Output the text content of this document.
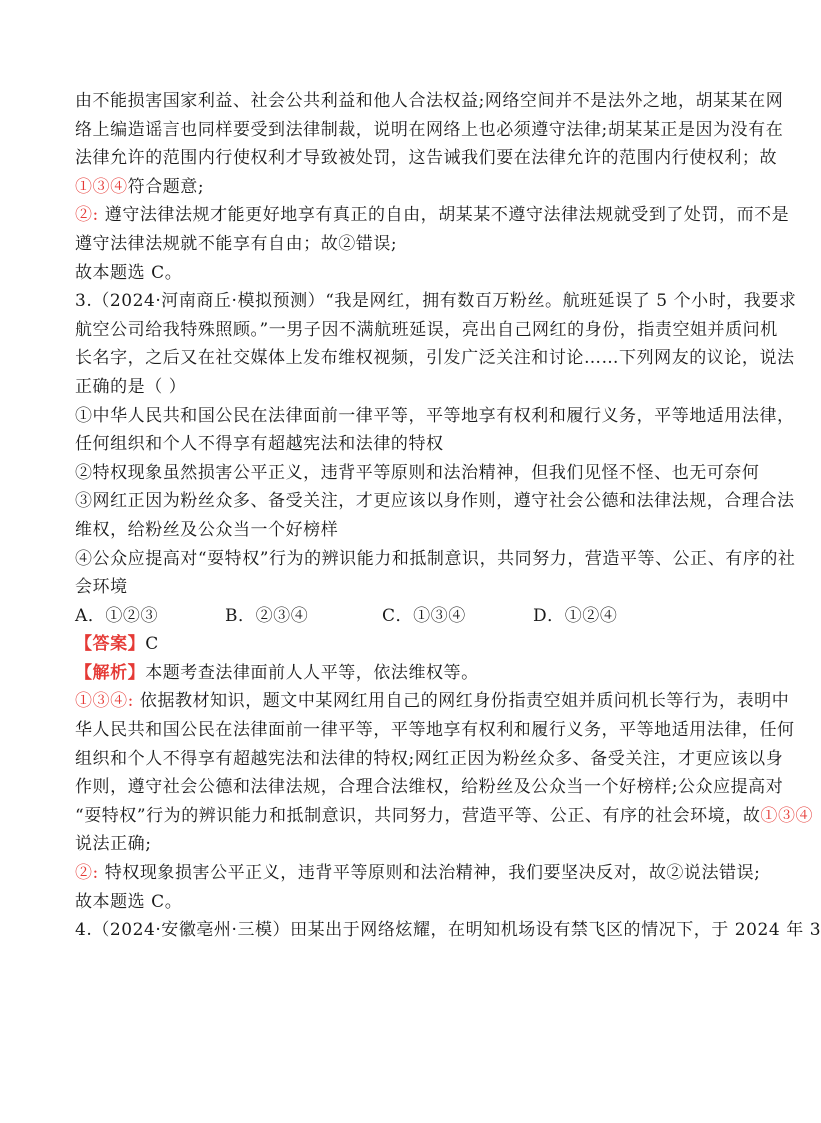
由不能损害国家利益、社会公共利益和他人合法权益;网络空间并不是法外之地，胡某某在网
络上编造谣言也同样要受到法律制裁，说明在网络上也必须遵守法律;胡某某正是因为没有在
法律允许的范围内行使权利才导致被处罚，这告诫我们要在法律允许的范围内行使权利；故
①③④符合题意;
②: 遵守法律法规才能更好地享有真正的自由，胡某某不遵守法律法规就受到了处罚，而不是
遵守法律法规就不能享有自由；故②错误;
故本题选 C。
3.（2024·河南商丘·模拟预测）“我是网红，拥有数百万粉丝。航班延误了 5 个小时，我要求
航空公司给我特殊照顾。”一男子因不满航班延误，亮出自己网红的身份，指责空姐并质问机
长名字，之后又在社交媒体上发布维权视频，引发广泛关注和讨论……下列网友的议论，说法
正确的是（ ）
①中华人民共和国公民在法律面前一律平等，平等地享有权利和履行义务，平等地适用法律，
任何组织和个人不得享有超越宪法和法律的特权
②特权现象虽然损害公平正义，违背平等原则和法治精神，但我们见怪不怪、也无可奈何
③网红正因为粉丝众多、备受关注，才更应该以身作则，遵守社会公德和法律法规，合理合法
维权，给粉丝及公众当一个好榜样
④公众应提高对“耍特权”行为的辨识能力和抵制意识，共同努力，营造平等、公正、有序的社
会环境
A．①②③	B．②③④	C．①③④	D．①②④
【答案】C
【解析】本题考查法律面前人人平等，依法维权等。
①③④: 依据教材知识，题文中某网红用自己的网红身份指责空姐并质问机长等行为，表明中
华人民共和国公民在法律面前一律平等，平等地享有权利和履行义务，平等地适用法律，任何
组织和个人不得享有超越宪法和法律的特权;网红正因为粉丝众多、备受关注，才更应该以身
作则，遵守社会公德和法律法规，合理合法维权，给粉丝及公众当一个好榜样;公众应提高对
“耍特权”行为的辨识能力和抵制意识，共同努力，营造平等、公正、有序的社会环境，故①③④
说法正确;
②: 特权现象损害公平正义，违背平等原则和法治精神，我们要坚决反对，故②说法错误;
故本题选 C。
4.（2024·安徽亳州·三模）田某出于网络炫耀，在明知机场设有禁飞区的情况下，于 2024 年 3
